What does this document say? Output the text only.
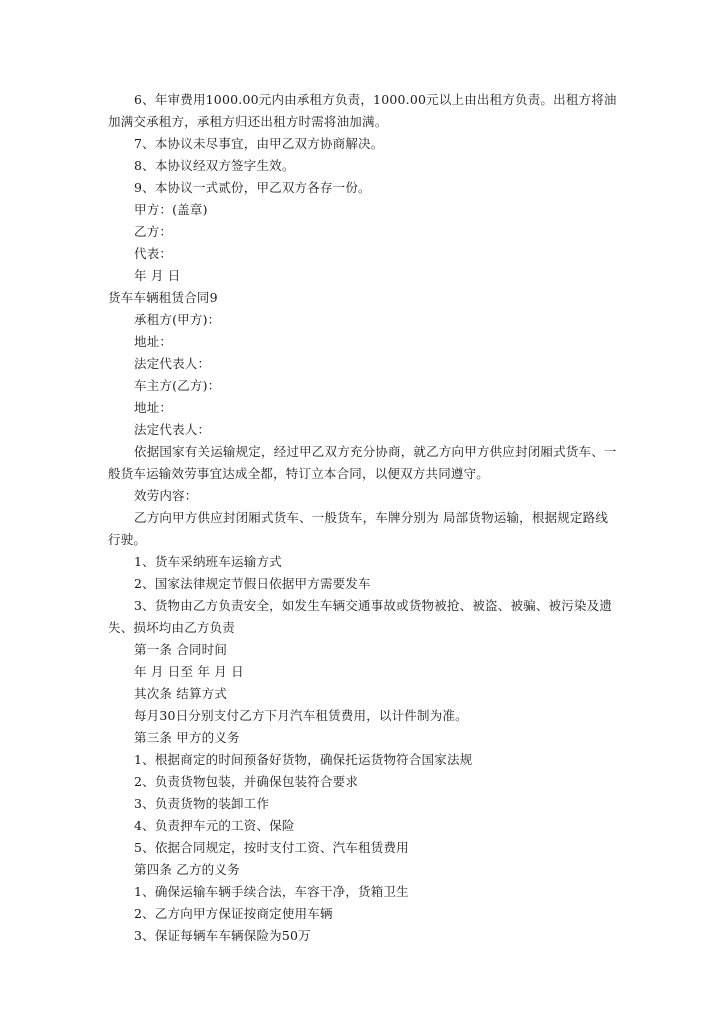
6、年审费用1000.00元内由承租方负责，1000.00元以上由出租方负责。出租方将油
加满交承租方，承租方归还出租方时需将油加满。
7、本协议未尽事宜，由甲乙双方协商解决。
8、本协议经双方签字生效。
9、本协议一式贰份，甲乙双方各存一份。
甲方：(盖章)
乙方：
代表：
年 月 日
货车车辆租赁合同9
承租方(甲方)：
地址：
法定代表人：
车主方(乙方)：
地址：
法定代表人：
依据国家有关运输规定，经过甲乙双方充分协商，就乙方向甲方供应封闭厢式货车、一
般货车运输效劳事宜达成全都，特订立本合同，以便双方共同遵守。
效劳内容：
乙方向甲方供应封闭厢式货车、一般货车，车牌分别为 局部货物运输，根据规定路线
行驶。
1、货车采纳班车运输方式
2、国家法律规定节假日依据甲方需要发车
3、货物由乙方负责安全，如发生车辆交通事故或货物被抢、被盗、被骗、被污染及遗
失、损坏均由乙方负责
第一条 合同时间
年 月 日至 年 月 日
其次条 结算方式
每月30日分别支付乙方下月汽车租赁费用，以计件制为准。
第三条 甲方的义务
1、根据商定的时间预备好货物，确保托运货物符合国家法规
2、负责货物包装，并确保包装符合要求
3、负责货物的装卸工作
4、负责押车元的工资、保险
5、依据合同规定，按时支付工资、汽车租赁费用
第四条 乙方的义务
1、确保运输车辆手续合法，车容干净，货箱卫生
2、乙方向甲方保证按商定使用车辆
3、保证每辆车车辆保险为50万
